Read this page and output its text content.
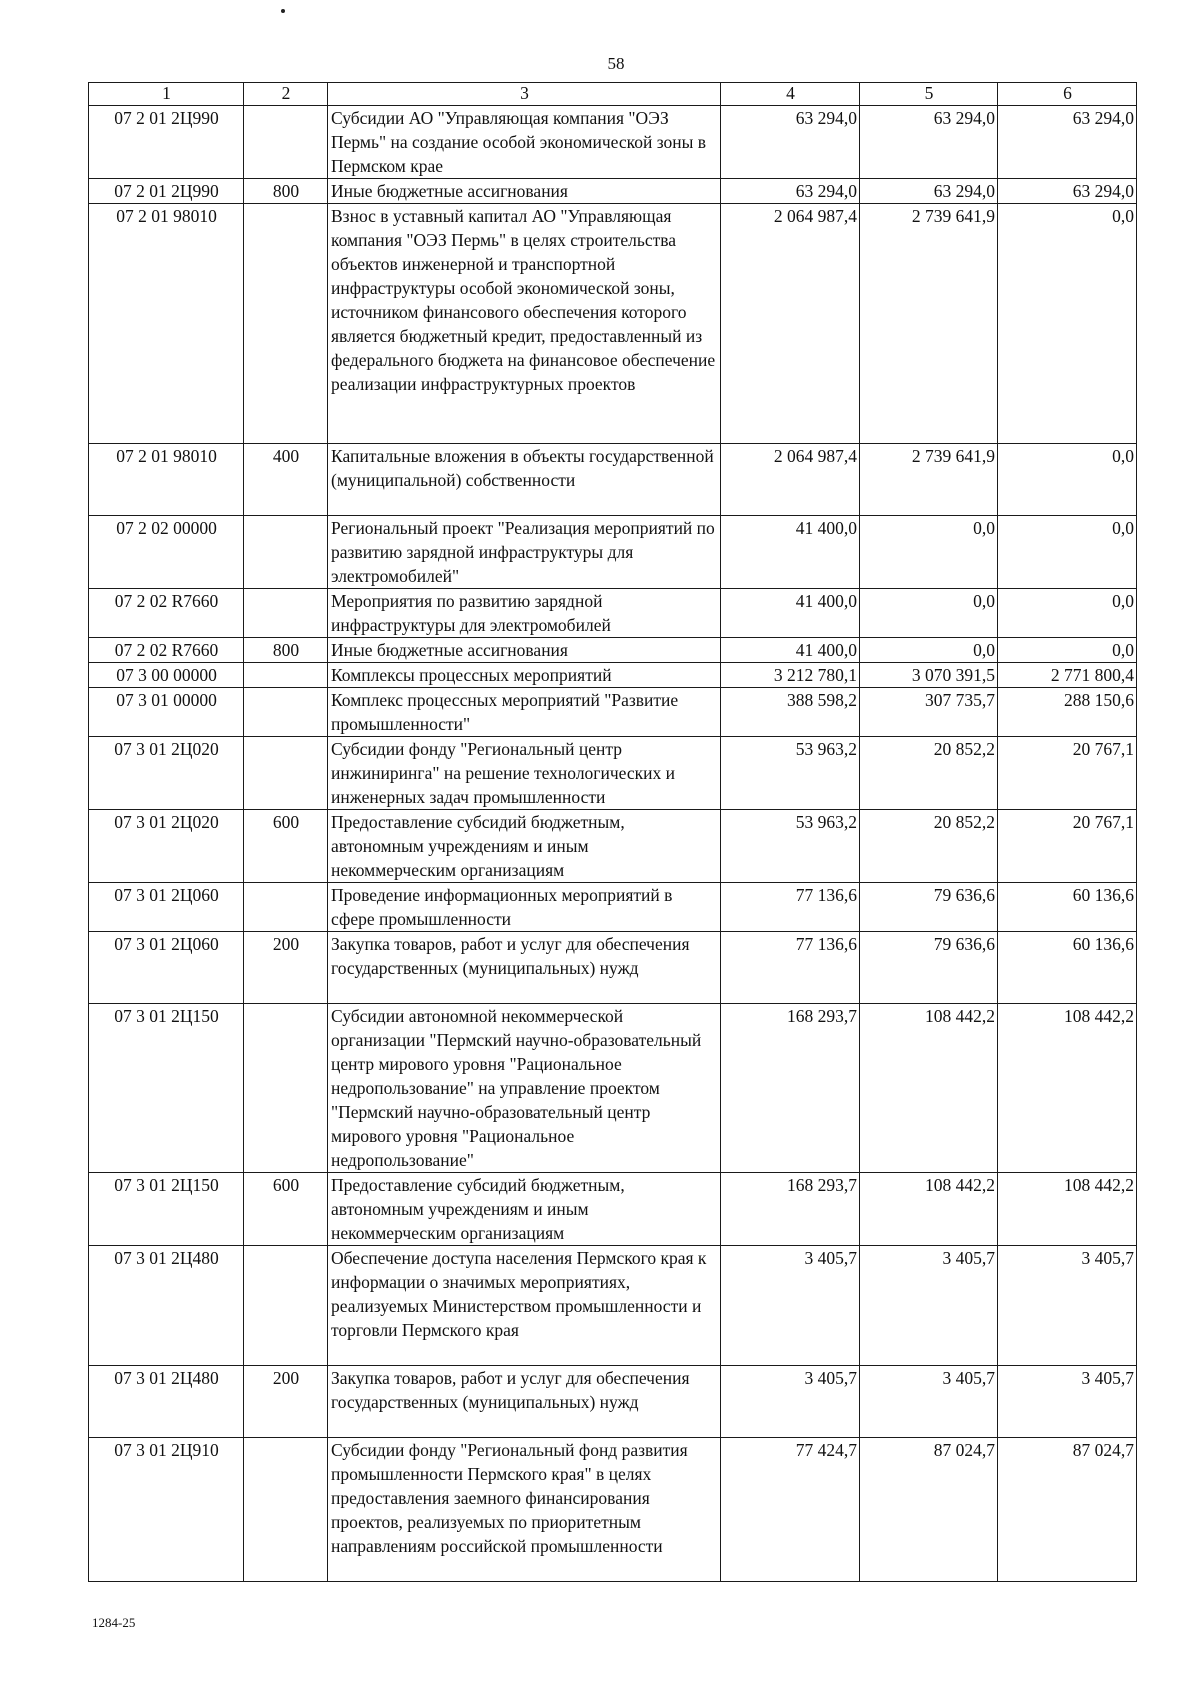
58
1	2	3	4	5	6
07 2 01 2Ц990		Субсидии АО "Управляющая компания "ОЭЗ Пермь" на создание особой экономической зоны в Пермском крае	63 294,0	63 294,0	63 294,0
07 2 01 2Ц990	800	Иные бюджетные ассигнования	63 294,0	63 294,0	63 294,0
07 2 01 98010		Взнос в уставный капитал АО "Управляющая компания "ОЭЗ Пермь" в целях строительства объектов инженерной и транспортной инфраструктуры особой экономической зоны, источником финансового обеспечения которого является бюджетный кредит, предоставленный из федерального бюджета на финансовое обеспечение реализации инфраструктурных проектов	2 064 987,4	2 739 641,9	0,0
07 2 01 98010	400	Капитальные вложения в объекты государственной (муниципальной) собственности	2 064 987,4	2 739 641,9	0,0
07 2 02 00000		Региональный проект "Реализация мероприятий по развитию зарядной инфраструктуры для электромобилей"	41 400,0	0,0	0,0
07 2 02 R7660		Мероприятия по развитию зарядной инфраструктуры для электромобилей	41 400,0	0,0	0,0
07 2 02 R7660	800	Иные бюджетные ассигнования	41 400,0	0,0	0,0
07 3 00 00000		Комплексы процессных мероприятий	3 212 780,1	3 070 391,5	2 771 800,4
07 3 01 00000		Комплекс процессных мероприятий "Развитие промышленности"	388 598,2	307 735,7	288 150,6
07 3 01 2Ц020		Субсидии фонду "Региональный центр инжиниринга" на решение технологических и инженерных задач промышленности	53 963,2	20 852,2	20 767,1
07 3 01 2Ц020	600	Предоставление субсидий бюджетным, автономным учреждениям и иным некоммерческим организациям	53 963,2	20 852,2	20 767,1
07 3 01 2Ц060		Проведение информационных мероприятий в сфере промышленности	77 136,6	79 636,6	60 136,6
07 3 01 2Ц060	200	Закупка товаров, работ и услуг для обеспечения государственных (муниципальных) нужд	77 136,6	79 636,6	60 136,6
07 3 01 2Ц150		Субсидии автономной некоммерческой организации "Пермский научно-образовательный центр мирового уровня "Рациональное недропользование" на управление проектом "Пермский научно-образовательный центр мирового уровня "Рациональное недропользование"	168 293,7	108 442,2	108 442,2
07 3 01 2Ц150	600	Предоставление субсидий бюджетным, автономным учреждениям и иным некоммерческим организациям	168 293,7	108 442,2	108 442,2
07 3 01 2Ц480		Обеспечение доступа населения Пермского края к информации о значимых мероприятиях, реализуемых Министерством промышленности и торговли Пермского края	3 405,7	3 405,7	3 405,7
07 3 01 2Ц480	200	Закупка товаров, работ и услуг для обеспечения государственных (муниципальных) нужд	3 405,7	3 405,7	3 405,7
07 3 01 2Ц910		Субсидии фонду "Региональный фонд развития промышленности Пермского края" в целях предоставления заемного финансирования проектов, реализуемых по приоритетным направлениям российской промышленности	77 424,7	87 024,7	87 024,7
1284-25
